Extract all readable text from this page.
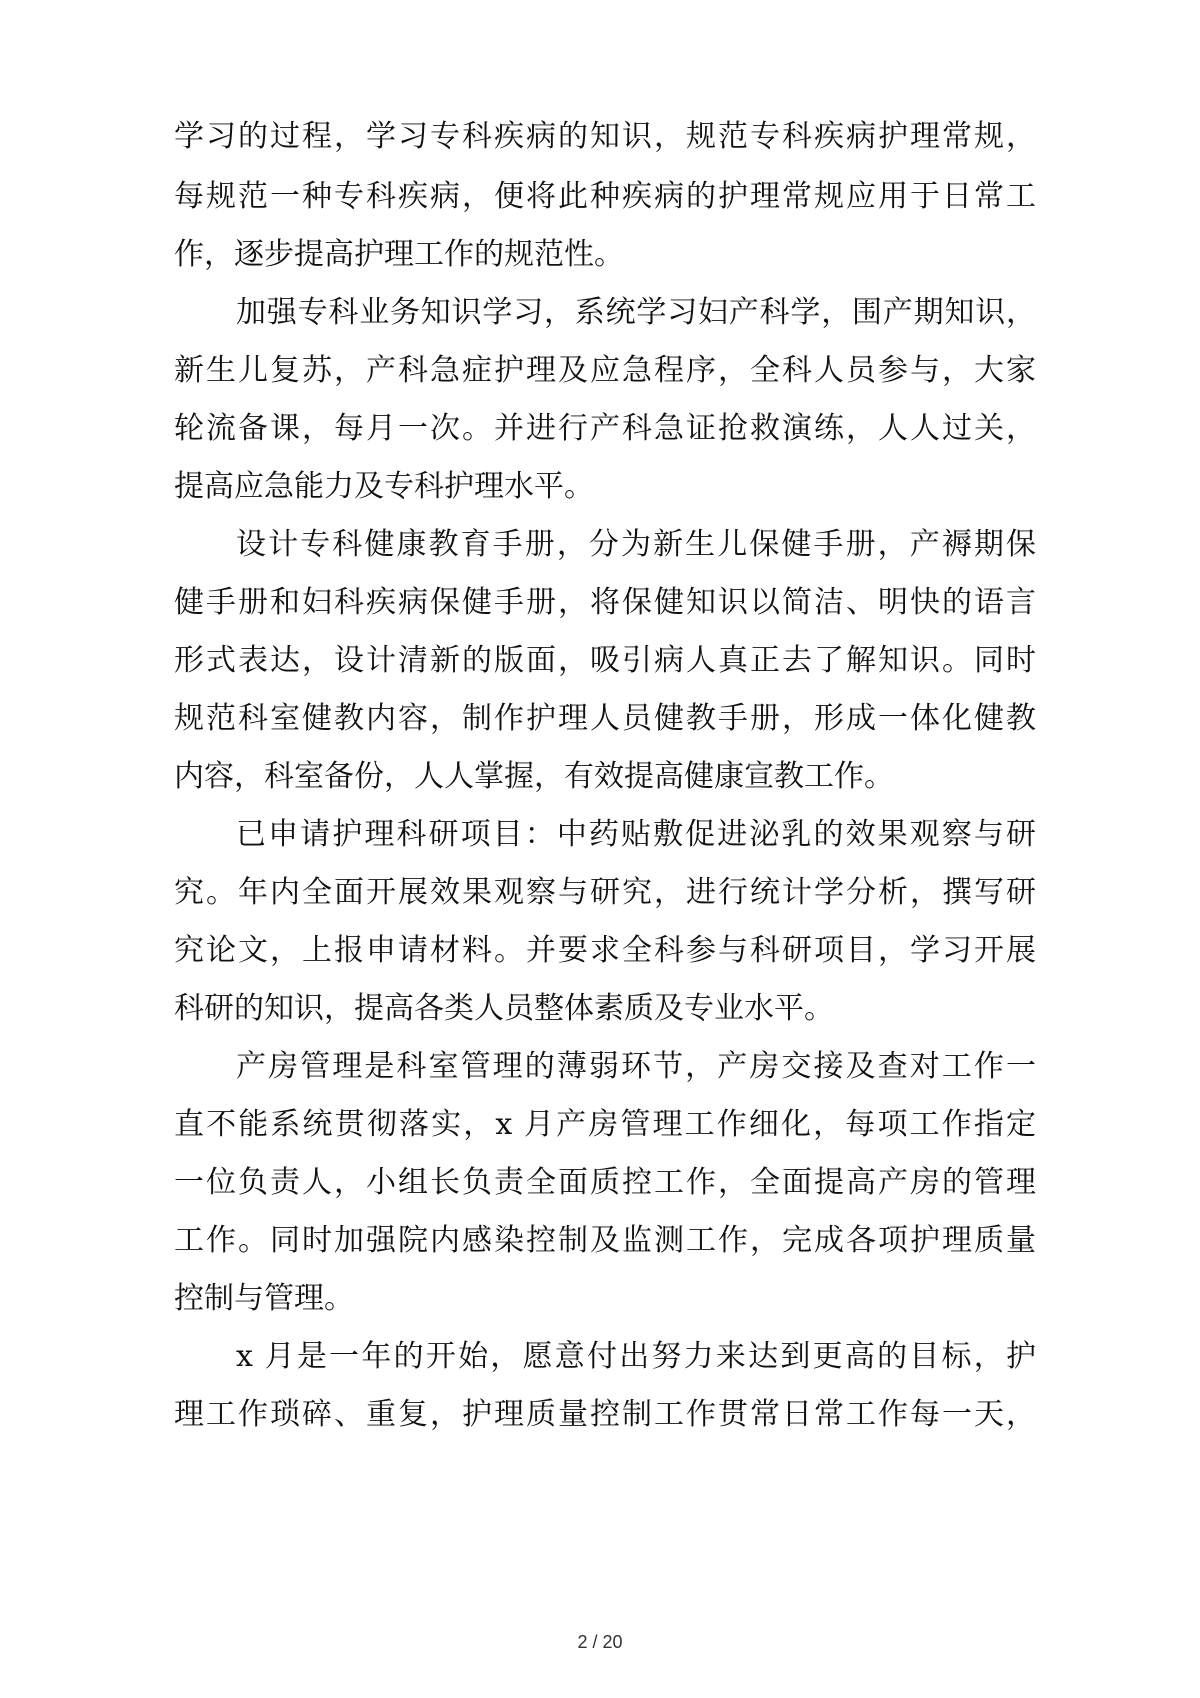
学习的过程，学习专科疾病的知识，规范专科疾病护理常规，
每规范一种专科疾病，便将此种疾病的护理常规应用于日常工
作，逐步提高护理工作的规范性。
加强专科业务知识学习，系统学习妇产科学，围产期知识，
新生儿复苏，产科急症护理及应急程序，全科人员参与，大家
轮流备课，每月一次。并进行产科急证抢救演练，人人过关，
提高应急能力及专科护理水平。
设计专科健康教育手册，分为新生儿保健手册，产褥期保
健手册和妇科疾病保健手册，将保健知识以简洁、明快的语言
形式表达，设计清新的版面，吸引病人真正去了解知识。同时
规范科室健教内容，制作护理人员健教手册，形成一体化健教
内容，科室备份，人人掌握，有效提高健康宣教工作。
已申请护理科研项目：中药贴敷促进泌乳的效果观察与研
究。年内全面开展效果观察与研究，进行统计学分析，撰写研
究论文，上报申请材料。并要求全科参与科研项目，学习开展
科研的知识，提高各类人员整体素质及专业水平。
产房管理是科室管理的薄弱环节，产房交接及查对工作一
直不能系统贯彻落实，x 月产房管理工作细化，每项工作指定
一位负责人，小组长负责全面质控工作，全面提高产房的管理
工作。同时加强院内感染控制及监测工作，完成各项护理质量
控制与管理。
x 月是一年的开始，愿意付出努力来达到更高的目标，护
理工作琐碎、重复，护理质量控制工作贯常日常工作每一天，
2 / 20
